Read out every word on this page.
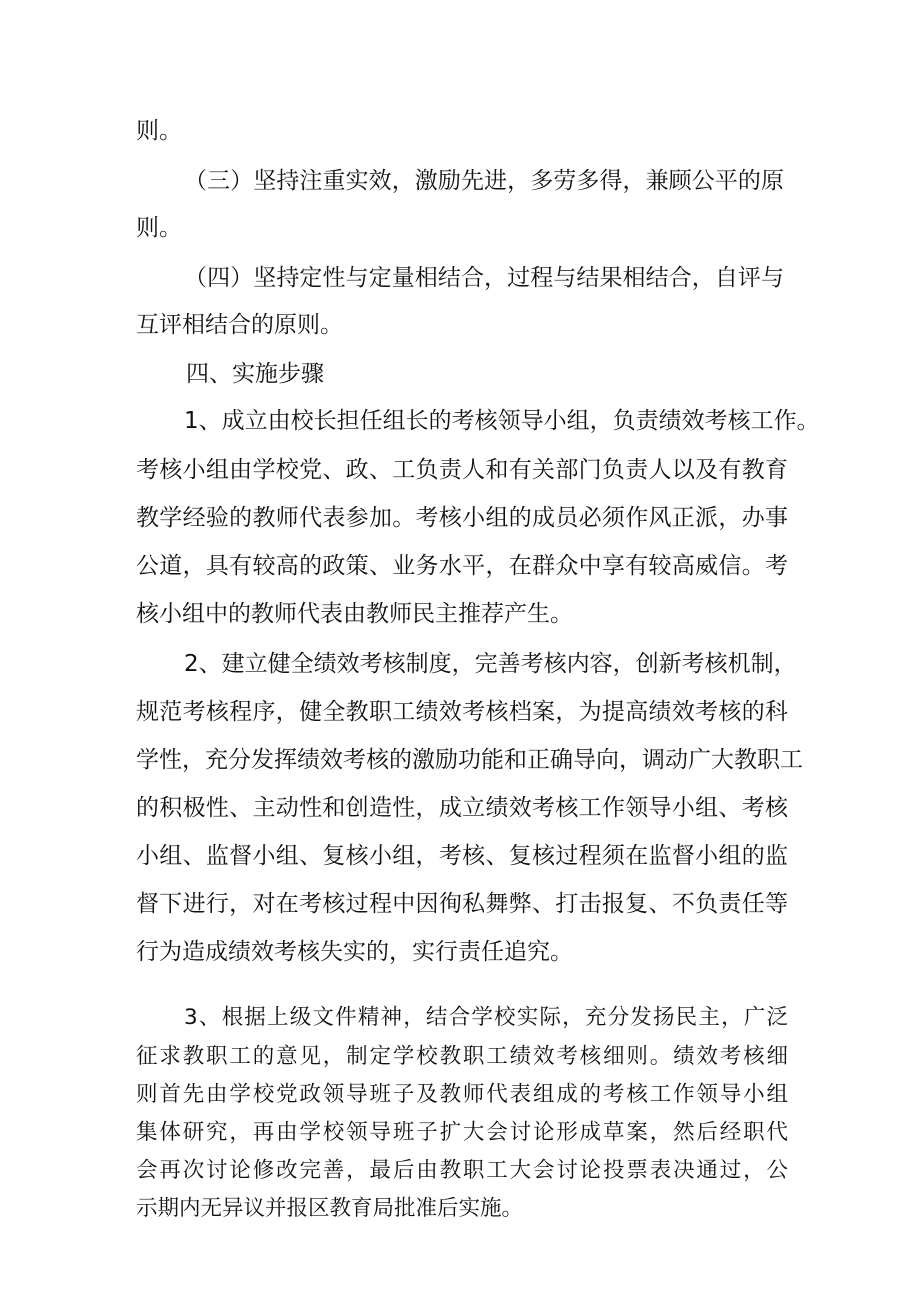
则。
（三）坚持注重实效，激励先进，多劳多得，兼顾公平的原
则。
（四）坚持定性与定量相结合，过程与结果相结合，自评与
互评相结合的原则。
四、实施步骤
1、成立由校长担任组长的考核领导小组，负责绩效考核工作。
考核小组由学校党、政、工负责人和有关部门负责人以及有教育
教学经验的教师代表参加。考核小组的成员必须作风正派，办事
公道，具有较高的政策、业务水平，在群众中享有较高威信。考
核小组中的教师代表由教师民主推荐产生。
2、建立健全绩效考核制度，完善考核内容，创新考核机制，
规范考核程序，健全教职工绩效考核档案，为提高绩效考核的科
学性，充分发挥绩效考核的激励功能和正确导向，调动广大教职工
的积极性、主动性和创造性，成立绩效考核工作领导小组、考核
小组、监督小组、复核小组，考核、复核过程须在监督小组的监
督下进行，对在考核过程中因徇私舞弊、打击报复、不负责任等
行为造成绩效考核失实的，实行责任追究。
3、根据上级文件精神，结合学校实际，充分发扬民主，广泛
征求教职工的意见，制定学校教职工绩效考核细则。绩效考核细
则首先由学校党政领导班子及教师代表组成的考核工作领导小组
集体研究，再由学校领导班子扩大会讨论形成草案，然后经职代
会再次讨论修改完善，最后由教职工大会讨论投票表决通过，公
示期内无异议并报区教育局批准后实施。
